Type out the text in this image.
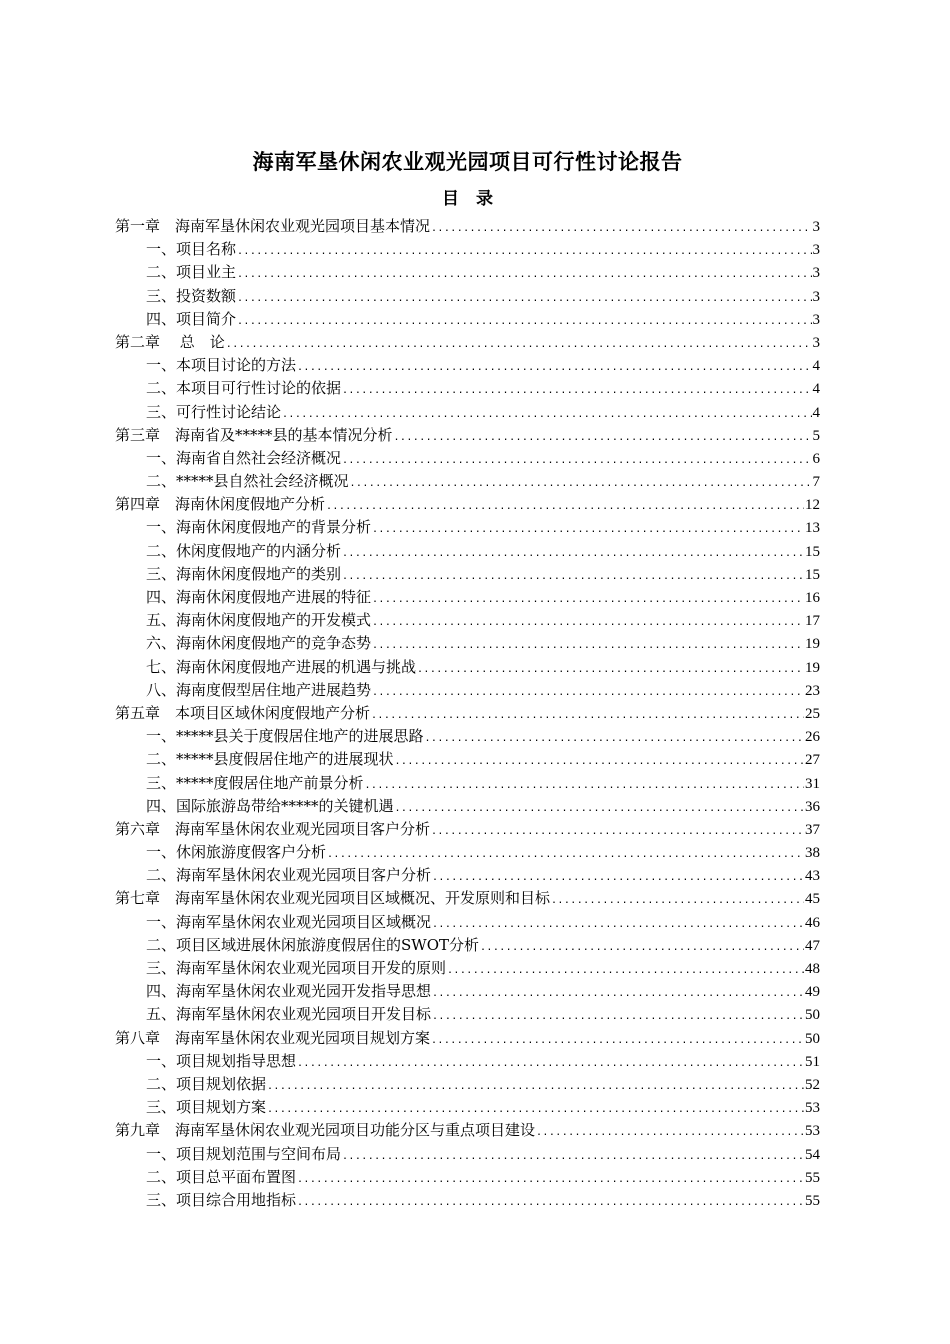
海南军垦休闲农业观光园项目可行性讨论报告
目　录
第一章　海南军垦休闲农业观光园项目基本情况 .....	3
一、项目名称 .....	3
二、项目业主 .....	3
三、投资数额 .....	3
四、项目简介 .....	3
第二章　 总　论 .....	3
一、本项目讨论的方法 .....	4
二、本项目可行性讨论的依据 .....	4
三、可行性讨论结论 .....	4
第三章　海南省及*****县的基本情况分析 .....	5
一、海南省自然社会经济概况 .....	6
二、*****县自然社会经济概况 .....	7
第四章　海南休闲度假地产分析 .....	12
一、海南休闲度假地产的背景分析 .....	13
二、休闲度假地产的内涵分析 .....	15
三、海南休闲度假地产的类别 .....	15
四、海南休闲度假地产进展的特征 .....	16
五、海南休闲度假地产的开发模式 .....	17
六、海南休闲度假地产的竞争态势 .....	19
七、海南休闲度假地产进展的机遇与挑战 .....	19
八、海南度假型居住地产进展趋势 .....	23
第五章　本项目区域休闲度假地产分析 .....	25
一、*****县关于度假居住地产的进展思路 .....	26
二、*****县度假居住地产的进展现状 .....	27
三、*****度假居住地产前景分析 .....	31
四、国际旅游岛带给*****的关键机遇 .....	36
第六章　海南军垦休闲农业观光园项目客户分析 .....	37
一、休闲旅游度假客户分析 .....	38
二、海南军垦休闲农业观光园项目客户分析 .....	43
第七章　海南军垦休闲农业观光园项目区域概况、开发原则和目标 .....	45
一、海南军垦休闲农业观光园项目区域概况 .....	46
二、项目区域进展休闲旅游度假居住的SWOT分析 .....	47
三、海南军垦休闲农业观光园项目开发的原则 .....	48
四、海南军垦休闲农业观光园开发指导思想 .....	49
五、海南军垦休闲农业观光园项目开发目标 .....	50
第八章　海南军垦休闲农业观光园项目规划方案 .....	50
一、项目规划指导思想 .....	51
二、项目规划依据 .....	52
三、项目规划方案 .....	53
第九章　海南军垦休闲农业观光园项目功能分区与重点项目建设 .....	53
一、项目规划范围与空间布局 .....	54
二、项目总平面布置图 .....	55
三、项目综合用地指标 .....	55
